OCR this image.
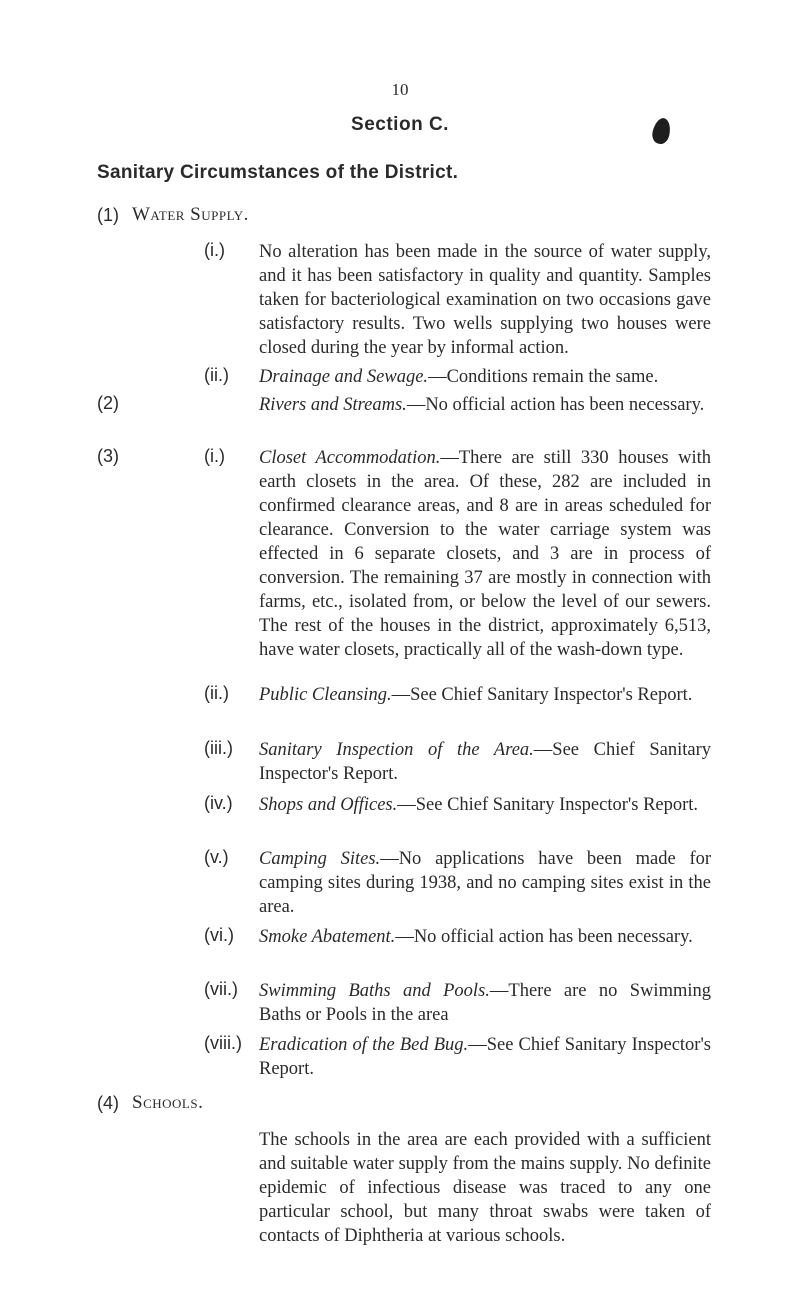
10
Section C.
Sanitary Circumstances of the District.
(1) Water Supply.
(i.) No alteration has been made in the source of water supply, and it has been satisfactory in quality and quantity. Samples taken for bacteriological examination on two occasions gave satisfactory results. Two wells supplying two houses were closed during the year by informal action.
(ii.) Drainage and Sewage.—Conditions remain the same.
(2)	Rivers and Streams.—No official action has been necessary.
(3)	(i.) Closet Accommodation.—There are still 330 houses with earth closets in the area. Of these, 282 are included in confirmed clearance areas, and 8 are in areas scheduled for clearance. Conversion to the water carriage system was effected in 6 separate closets, and 3 are in process of conversion. The remaining 37 are mostly in connection with farms, etc., isolated from, or below the level of our sewers. The rest of the houses in the district, approximately 6,513, have water closets, practically all of the wash-down type.
(ii.) Public Cleansing.—See Chief Sanitary Inspector's Report.
(iii.) Sanitary Inspection of the Area.—See Chief Sanitary Inspector's Report.
(iv.) Shops and Offices.—See Chief Sanitary Inspector's Report.
(v.) Camping Sites.—No applications have been made for camping sites during 1938, and no camping sites exist in the area.
(vi.) Smoke Abatement.—No official action has been necessary.
(vii.) Swimming Baths and Pools.—There are no Swimming Baths or Pools in the area
(viii.) Eradication of the Bed Bug.—See Chief Sanitary Inspector's Report.
(4) Schools.
The schools in the area are each provided with a sufficient and suitable water supply from the mains supply. No definite epidemic of infectious disease was traced to any one particular school, but many throat swabs were taken of contacts of Diphtheria at various schools.
